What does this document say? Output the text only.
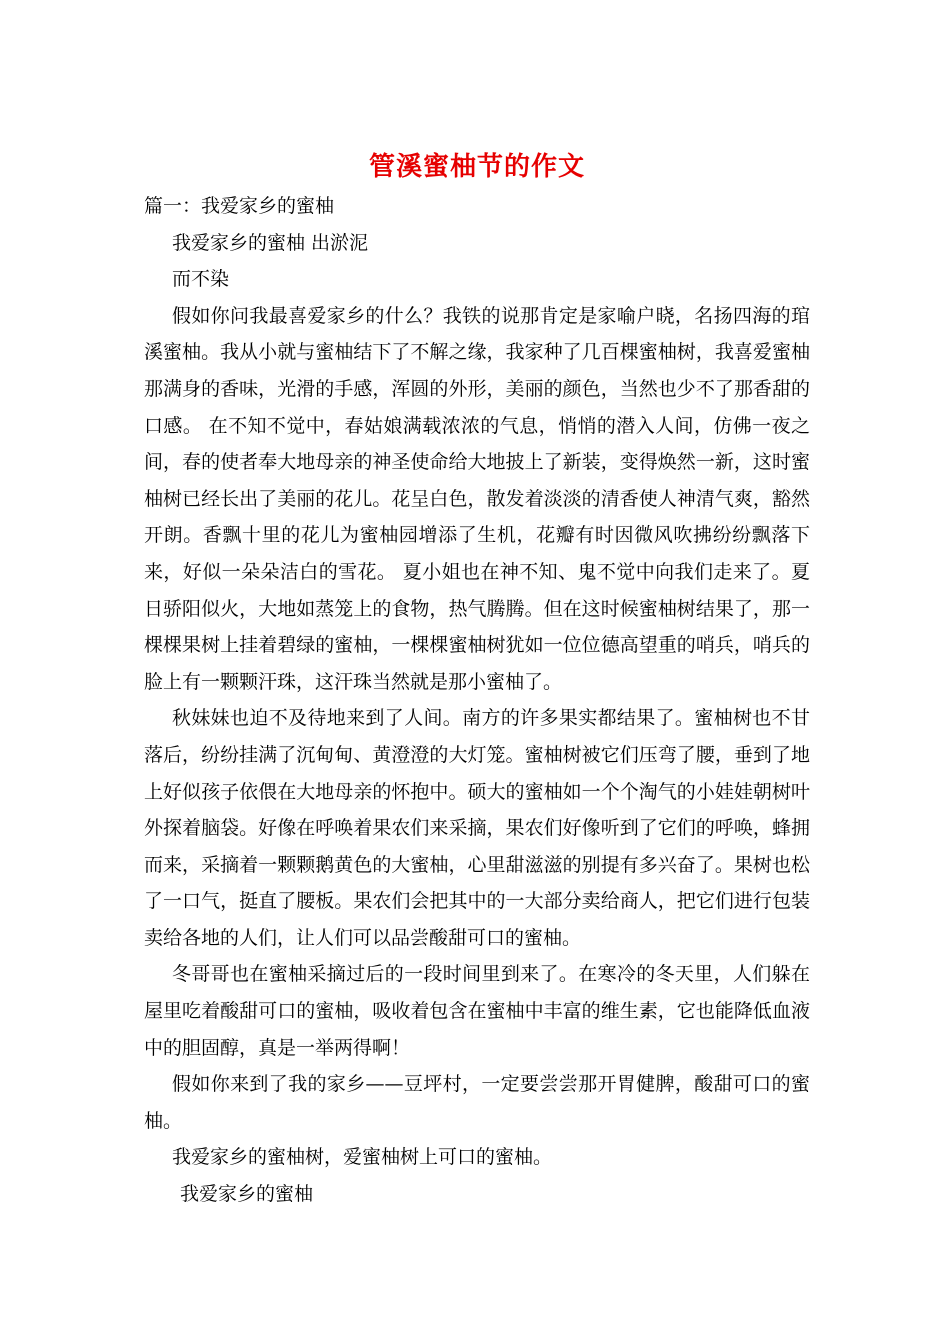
管溪蜜柚节的作文

篇一：我爱家乡的蜜柚

我爱家乡的蜜柚 出淤泥

而不染

假如你问我最喜爱家乡的什么？我铁的说那肯定是家喻户晓，名扬四海的琯溪蜜柚。我从小就与蜜柚结下了不解之缘，我家种了几百棵蜜柚树，我喜爱蜜柚那满身的香味，光滑的手感，浑圆的外形，美丽的颜色，当然也少不了那香甜的口感。 在不知不觉中，春姑娘满载浓浓的气息，悄悄的潜入人间，仿佛一夜之间，春的使者奉大地母亲的神圣使命给大地披上了新装，变得焕然一新，这时蜜柚树已经长出了美丽的花儿。花呈白色，散发着淡淡的清香使人神清气爽，豁然开朗。香飘十里的花儿为蜜柚园增添了生机，花瓣有时因微风吹拂纷纷飘落下来，好似一朵朵洁白的雪花。 夏小姐也在神不知、鬼不觉中向我们走来了。夏日骄阳似火，大地如蒸笼上的食物，热气腾腾。但在这时候蜜柚树结果了，那一棵棵果树上挂着碧绿的蜜柚，一棵棵蜜柚树犹如一位位德高望重的哨兵，哨兵的脸上有一颗颗汗珠，这汗珠当然就是那小蜜柚了。

秋妹妹也迫不及待地来到了人间。南方的许多果实都结果了。蜜柚树也不甘落后，纷纷挂满了沉甸甸、黄澄澄的大灯笼。蜜柚树被它们压弯了腰，垂到了地上好似孩子依偎在大地母亲的怀抱中。硕大的蜜柚如一个个淘气的小娃娃朝树叶外探着脑袋。好像在呼唤着果农们来采摘，果农们好像听到了它们的呼唤，蜂拥而来，采摘着一颗颗鹅黄色的大蜜柚，心里甜滋滋的别提有多兴奋了。果树也松了一口气，挺直了腰板。果农们会把其中的一大部分卖给商人，把它们进行包装卖给各地的人们，让人们可以品尝酸甜可口的蜜柚。

冬哥哥也在蜜柚采摘过后的一段时间里到来了。在寒冷的冬天里，人们躲在屋里吃着酸甜可口的蜜柚，吸收着包含在蜜柚中丰富的维生素，它也能降低血液中的胆固醇，真是一举两得啊！

假如你来到了我的家乡——豆坪村，一定要尝尝那开胃健脾，酸甜可口的蜜柚。

我爱家乡的蜜柚树，爱蜜柚树上可口的蜜柚。

我爱家乡的蜜柚
